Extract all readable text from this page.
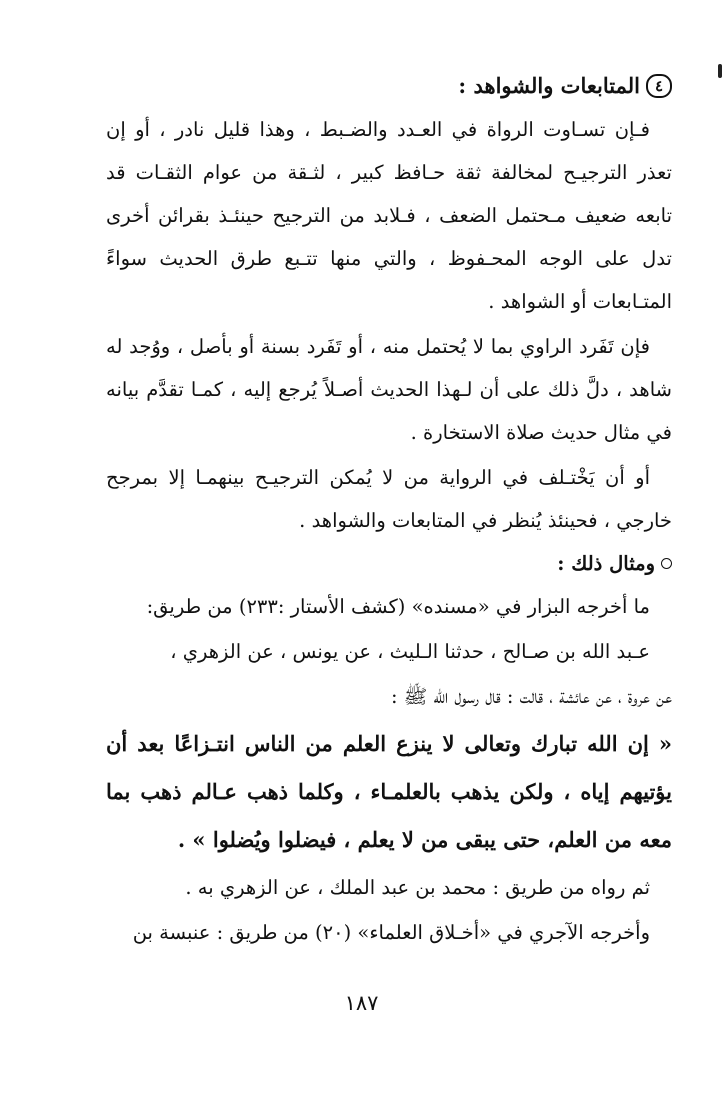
٤المتابعات والشواهد :

فـإن تسـاوت الرواة في العـدد والضـبط ، وهذا قليل نادر ، أو إن تعذر الترجيـح لمخالفة ثقة حـافظ كبير ، لثـقة من عوام الثقـات قد تابعه ضعيف مـحتمل الضعف ، فـلابد من الترجيح حينئـذ بقرائن أخرى تدل على الوجه المحـفوظ ، والتي منها تتـبع طرق الحديث سواءً المتـابعات أو الشواهد .

فإن تَفَرد الراوي بما لا يُحتمل منه ، أو تَفَرد بسنة أو بأصل ، ووُجد له شاهد ، دلَّ ذلك على أن لـهذا الحديث أصـلاً يُرجع إليه ، كمـا تقدَّم بيانه في مثال حديث صلاة الاستخارة .

أو أن يَخْتـلف في الرواية من لا يُمكن الترجيـح بينهمـا إلا بمرجح خارجي ، فحينئذ يُنظر في المتابعات والشواهد .

ومثال ذلك :

ما أخرجه البزار في «مسنده» (كشف الأستار :٢٣٣) من طريق:

عـبد الله بن صـالح ، حدثنا الـليث ، عن يونس ، عن الزهري ،

عن عروة ، عن عائشة ، قالت : قال رسول الله ﷺ :

« إن الله تبارك وتعالى لا ينزع العلم من الناس انتـزاعًا بعد أن يؤتيهم إياه ، ولكن يذهب بالعلمـاء ، وكلما ذهب عـالم ذهب بما معه من العلم، حتى يبقى من لا يعلم ، فيضلوا ويُضلوا » .

ثم رواه من طريق : محمد بن عبد الملك ، عن الزهري به .

وأخرجه الآجري في «أخـلاق العلماء» (٢٠) من طريق : عنبسة بن

١٨٧
